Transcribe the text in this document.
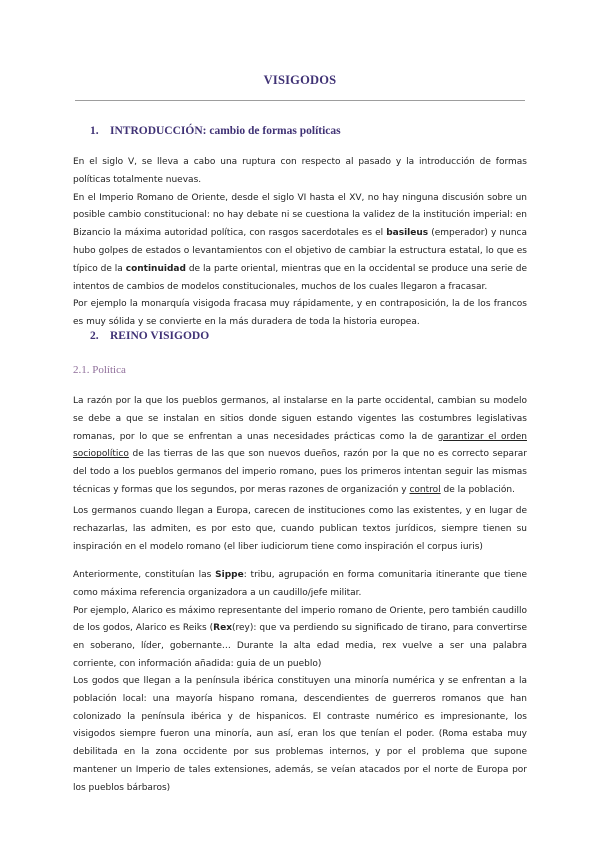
VISIGODOS
1. INTRODUCCIÓN: cambio de formas políticas

En el siglo V, se lleva a cabo una ruptura con respecto al pasado y la introducción de formas políticas totalmente nuevas.

En el Imperio Romano de Oriente, desde el siglo VI hasta el XV, no hay ninguna discusión sobre un posible cambio constitucional: no hay debate ni se cuestiona la validez de la institución imperial: en Bizancio la máxima autoridad política, con rasgos sacerdotales es el basileus (emperador) y nunca hubo golpes de estados o levantamientos con el objetivo de cambiar la estructura estatal, lo que es típico de la continuidad de la parte oriental, mientras que en la occidental se produce una serie de intentos de cambios de modelos constitucionales, muchos de los cuales llegaron a fracasar.

Por ejemplo la monarquía visigoda fracasa muy rápidamente, y en contraposición, la de los francos es muy sólida y se convierte en la más duradera de toda la historia europea.

2. REINO VISIGODO
2.1. Política

La razón por la que los pueblos germanos, al instalarse en la parte occidental, cambian su modelo se debe a que se instalan en sitios donde siguen estando vigentes las costumbres legislativas romanas, por lo que se enfrentan a unas necesidades prácticas como la de garantizar el orden sociopolítico de las tierras de las que son nuevos dueños, razón por la que no es correcto separar del todo a los pueblos germanos del imperio romano, pues los primeros intentan seguir las mismas técnicas y formas que los segundos, por meras razones de organización y control de la población.

Los germanos cuando llegan a Europa, carecen de instituciones como las existentes, y en lugar de rechazarlas, las admiten, es por esto que, cuando publican textos jurídicos, siempre tienen su inspiración en el modelo romano (el liber iudiciorum tiene como inspiración el corpus iuris)

Anteriormente, constituían las Sippe: tribu, agrupación en forma comunitaria itinerante que tiene como máxima referencia organizadora a un caudillo/jefe militar.

Por ejemplo, Alarico es máximo representante del imperio romano de Oriente, pero también caudillo de los godos, Alarico es Reiks (Rex(rey): que va perdiendo su significado de tirano, para convertirse en soberano, líder, gobernante… Durante la alta edad media, rex vuelve a ser una palabra corriente, con información añadida: guia de un pueblo)

Los godos que llegan a la península ibérica constituyen una minoría numérica y se enfrentan a la población local: una mayoría hispano romana, descendientes de guerreros romanos que han colonizado la península ibérica y de hispanicos. El contraste numérico es impresionante, los visigodos siempre fueron una minoría, aun así, eran los que tenían el poder. (Roma estaba muy debilitada en la zona occidente por sus problemas internos, y por el problema que supone mantener un Imperio de tales extensiones, además, se veían atacados por el norte de Europa por los pueblos bárbaros)
